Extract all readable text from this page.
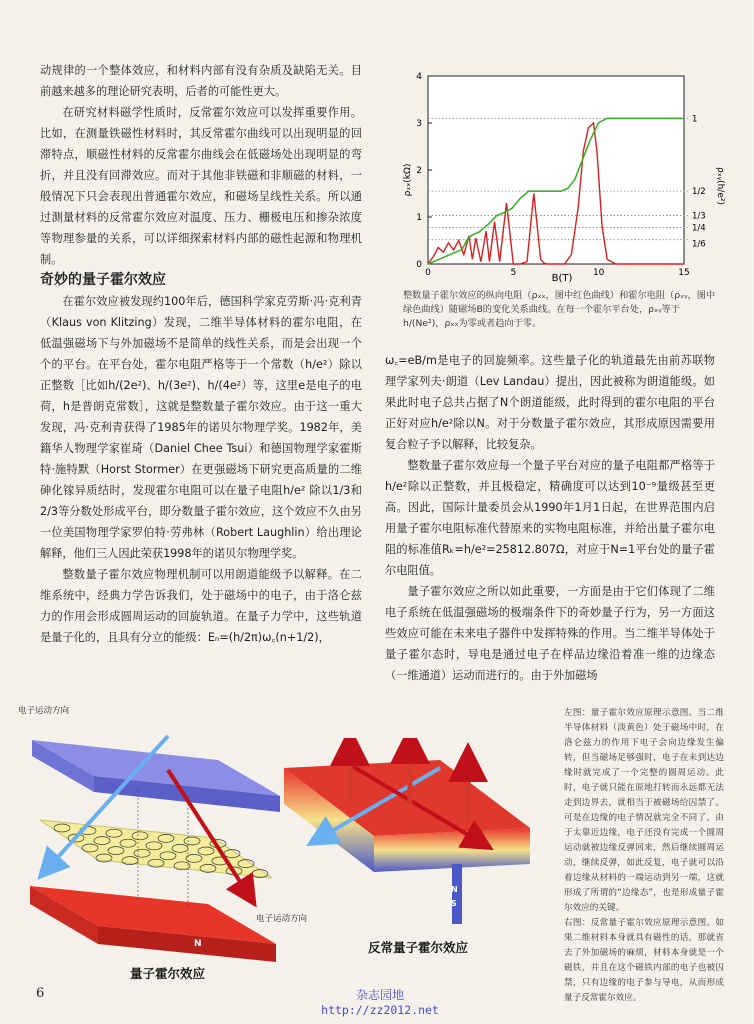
动规律的一个整体效应，和材料内部有没有杂质及缺陷无关。目前越来越多的理论研究表明，后者的可能性更大。

在研究材料磁学性质时，反常霍尔效应可以发挥重要作用。比如，在测量铁磁性材料时，其反常霍尔曲线可以出现明显的回滞特点，顺磁性材料的反常霍尔曲线会在低磁场处出现明显的弯折，并且没有回滞效应。而对于其他非铁磁和非顺磁的材料，一般情况下只会表现出普通霍尔效应，和磁场呈线性关系。所以通过测量材料的反常霍尔效应对温度、压力、栅极电压和掺杂浓度等物理参量的关系，可以详细探索材料内部的磁性起源和物理机制。

奇妙的量子霍尔效应

在霍尔效应被发现约100年后，德国科学家克劳斯·冯·克利青（Klaus von Klitzing）发现，二维半导体材料的霍尔电阻，在低温强磁场下与外加磁场不是简单的线性关系，而是会出现一个个的平台。在平台处，霍尔电阻严格等于一个常数（h/e²）除以正整数［比如h/(2e²)、h/(3e²)、h/(4e²）等，这里e是电子的电荷，h是普朗克常数］，这就是整数量子霍尔效应。由于这一重大发现，冯·克利青获得了1985年的诺贝尔物理学奖。1982年，美籍华人物理学家崔琦（Daniel Chee Tsui）和德国物理学家霍斯特·施特默（Horst Stormer）在更强磁场下研究更高质量的二维砷化镓异质结时，发现霍尔电阻可以在量子电阻h/e² 除以1/3和2/3等分数处形成平台，即分数量子霍尔效应，这个效应不久由另一位美国物理学家罗伯特·劳弗林（Robert Laughlin）给出理论解释，他们三人因此荣获1998年的诺贝尔物理学奖。

整数量子霍尔效应物理机制可以用朗道能级予以解释。在二维系统中，经典力学告诉我们，处于磁场中的电子，由于洛仑兹力的作用会形成圆周运动的回旋轨道。在量子力学中，这些轨道是量子化的，且具有分立的能级：Eₙ=(h/2π)ω꜀(n+1/2)，

ω꜀=eB/m是电子的回旋频率。这些量子化的轨道最先由前苏联物理学家列夫·朗道（Lev Landau）提出，因此被称为朗道能级。如果此时电子总共占据了N个朗道能级，此时得到的霍尔电阻的平台正好对应h/e²除以N。对于分数量子霍尔效应，其形成原因需要用复合粒子予以解释，比较复杂。

整数量子霍尔效应每一个量子平台对应的量子电阻都严格等于h/e²除以正整数，并且极稳定，精确度可以达到10⁻⁹量级甚至更高。因此，国际计量委员会从1990年1月1日起，在世界范围内启用量子霍尔电阻标准代替原来的实物电阻标准，并给出量子霍尔电阻的标准值Rₖ=h/e²=25812.807Ω，对应于N=1平台处的量子霍尔电阻值。

量子霍尔效应之所以如此重要，一方面是由于它们体现了二维电子系统在低温强磁场的极端条件下的奇妙量子行为，另一方面这些效应可能在未来电子器件中发挥特殊的作用。当二维半导体处于量子霍尔态时，导电是通过电子在样品边缘沿着准一维的边缘态（一维通道）运动而进行的。由于外加磁场

1
1/2
1/3
1/4
1/6
0
1
2
3
4
0	5	10	15
ρₓₓ(kΩ)	ρₓᵧ(h/e²)
B(T)
整数量子霍尔效应的纵向电阻（ρₓₓ，图中红色曲线）和霍尔电阻（ρₓᵧ，图中绿色曲线）随磁场B的变化关系曲线。在每一个霍尔平台处，ρₓᵧ等于 h/(Ne²)，ρₓₓ为零或者趋向于零。
S
N
电子运动方向
电子运动方向
量子霍尔效应
N
S
反常量子霍尔效应

左图：量子霍尔效应原理示意图。当二维半导体材料（淡黄色）处于磁场中时，在洛仑兹力的作用下电子会向边缘发生偏转，但当磁场足够强时，电子在未到达边缘时就完成了一个完整的圆周运动。此时，电子就只能在原地打转而永远都无法走到边界去，就相当于被磁场给囚禁了。可是在边缘的电子情况就完全不同了，由于太靠近边缘，电子还没有完成一个圆周运动就被边缘反弹回来，然后继续圆周运动，继续反弹，如此反复，电子就可以沿着边缘从材料的一端运动到另一端，这就形成了所谓的“边缘态”，也是形成量子霍尔效应的关键。

右图：反常量子霍尔效应原理示意图。如果二维材料本身就具有磁性的话，那就省去了外加磁场的麻烦，材料本身就是一个磁铁，并且在这个磁铁内部的电子也被囚禁，只有边缘的电子参与导电，从而形成量子反常霍尔效应。

6	杂志园地
http://zz2012.net
